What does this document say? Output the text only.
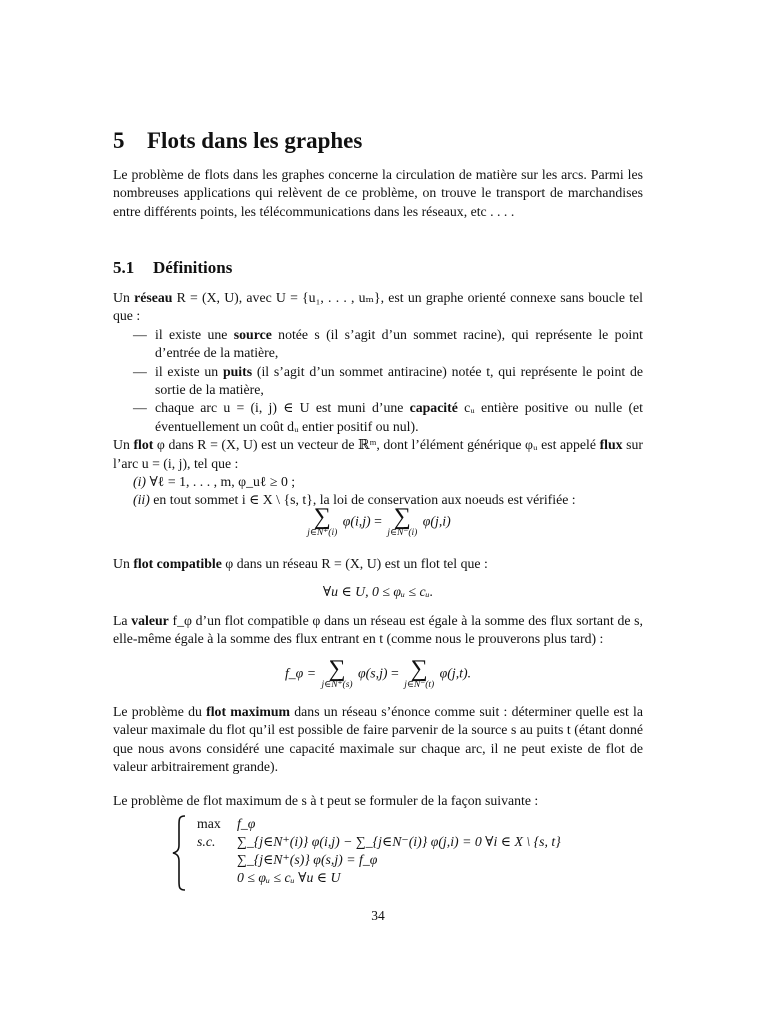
5 Flots dans les graphes

Le problème de flots dans les graphes concerne la circulation de matière sur les arcs. Parmi les nombreuses applications qui relèvent de ce problème, on trouve le transport de marchandises entre différents points, les télécommunications dans les réseaux, etc . . . .

5.1 Définitions

Un réseau R = (X, U), avec U = {u₁, . . . , uₘ}, est un graphe orienté connexe sans boucle tel que :

— il existe une source notée s (il s’agit d’un sommet racine), qui représente le point d’entrée de la matière,
— il existe un puits (il s’agit d’un sommet antiracine) notée t, qui représente le point de sortie de la matière,
— chaque arc u = (i, j) ∈ U est muni d’une capacité cᵤ entière positive ou nulle (et éventuellement un coût dᵤ entier positif ou nul).

Un flot φ dans R = (X, U) est un vecteur de ℝᵐ, dont l’élément générique φᵤ est appelé flux sur l’arc u = (i, j), tel que :

(i) ∀ℓ = 1, . . . , m, φ_uℓ ≥ 0 ;
(ii) en tout sommet i ∈ X \ {s, t}, la loi de conservation aux noeuds est vérifiée :
∑
j∈N⁺(i)
φ(i,j) = ∑
j∈N⁻(i)
φ(j,i)

Un flot compatible φ dans un réseau R = (X, U) est un flot tel que :

∀u ∈ U, 0 ≤ φᵤ ≤ cᵤ.

La valeur f_φ d’un flot compatible φ dans un réseau est égale à la somme des flux sortant de s, elle-même égale à la somme des flux entrant en t (comme nous le prouverons plus tard) :

f_φ = ∑
j∈N⁺(s)
φ(s,j) = ∑
j∈N⁻(t)
φ(j,t).

Le problème du flot maximum dans un réseau s’énonce comme suit : déterminer quelle est la valeur maximale du flot qu’il est possible de faire parvenir de la source s au puits t (étant donné que nous avons considéré une capacité maximale sur chaque arc, il ne peut existe de flot de valeur arbitrairement grande).

Le problème de flot maximum de s à t peut se formuler de la façon suivante :

max	f_φ
s.c.	∑_{j∈N⁺(i)} φ(i,j) − ∑_{j∈N⁻(i)} φ(j,i) = 0 ∀i ∈ X \ {s, t}
∑_{j∈N⁺(s)} φ(s,j) = f_φ
0 ≤ φᵤ ≤ cᵤ ∀u ∈ U
34
